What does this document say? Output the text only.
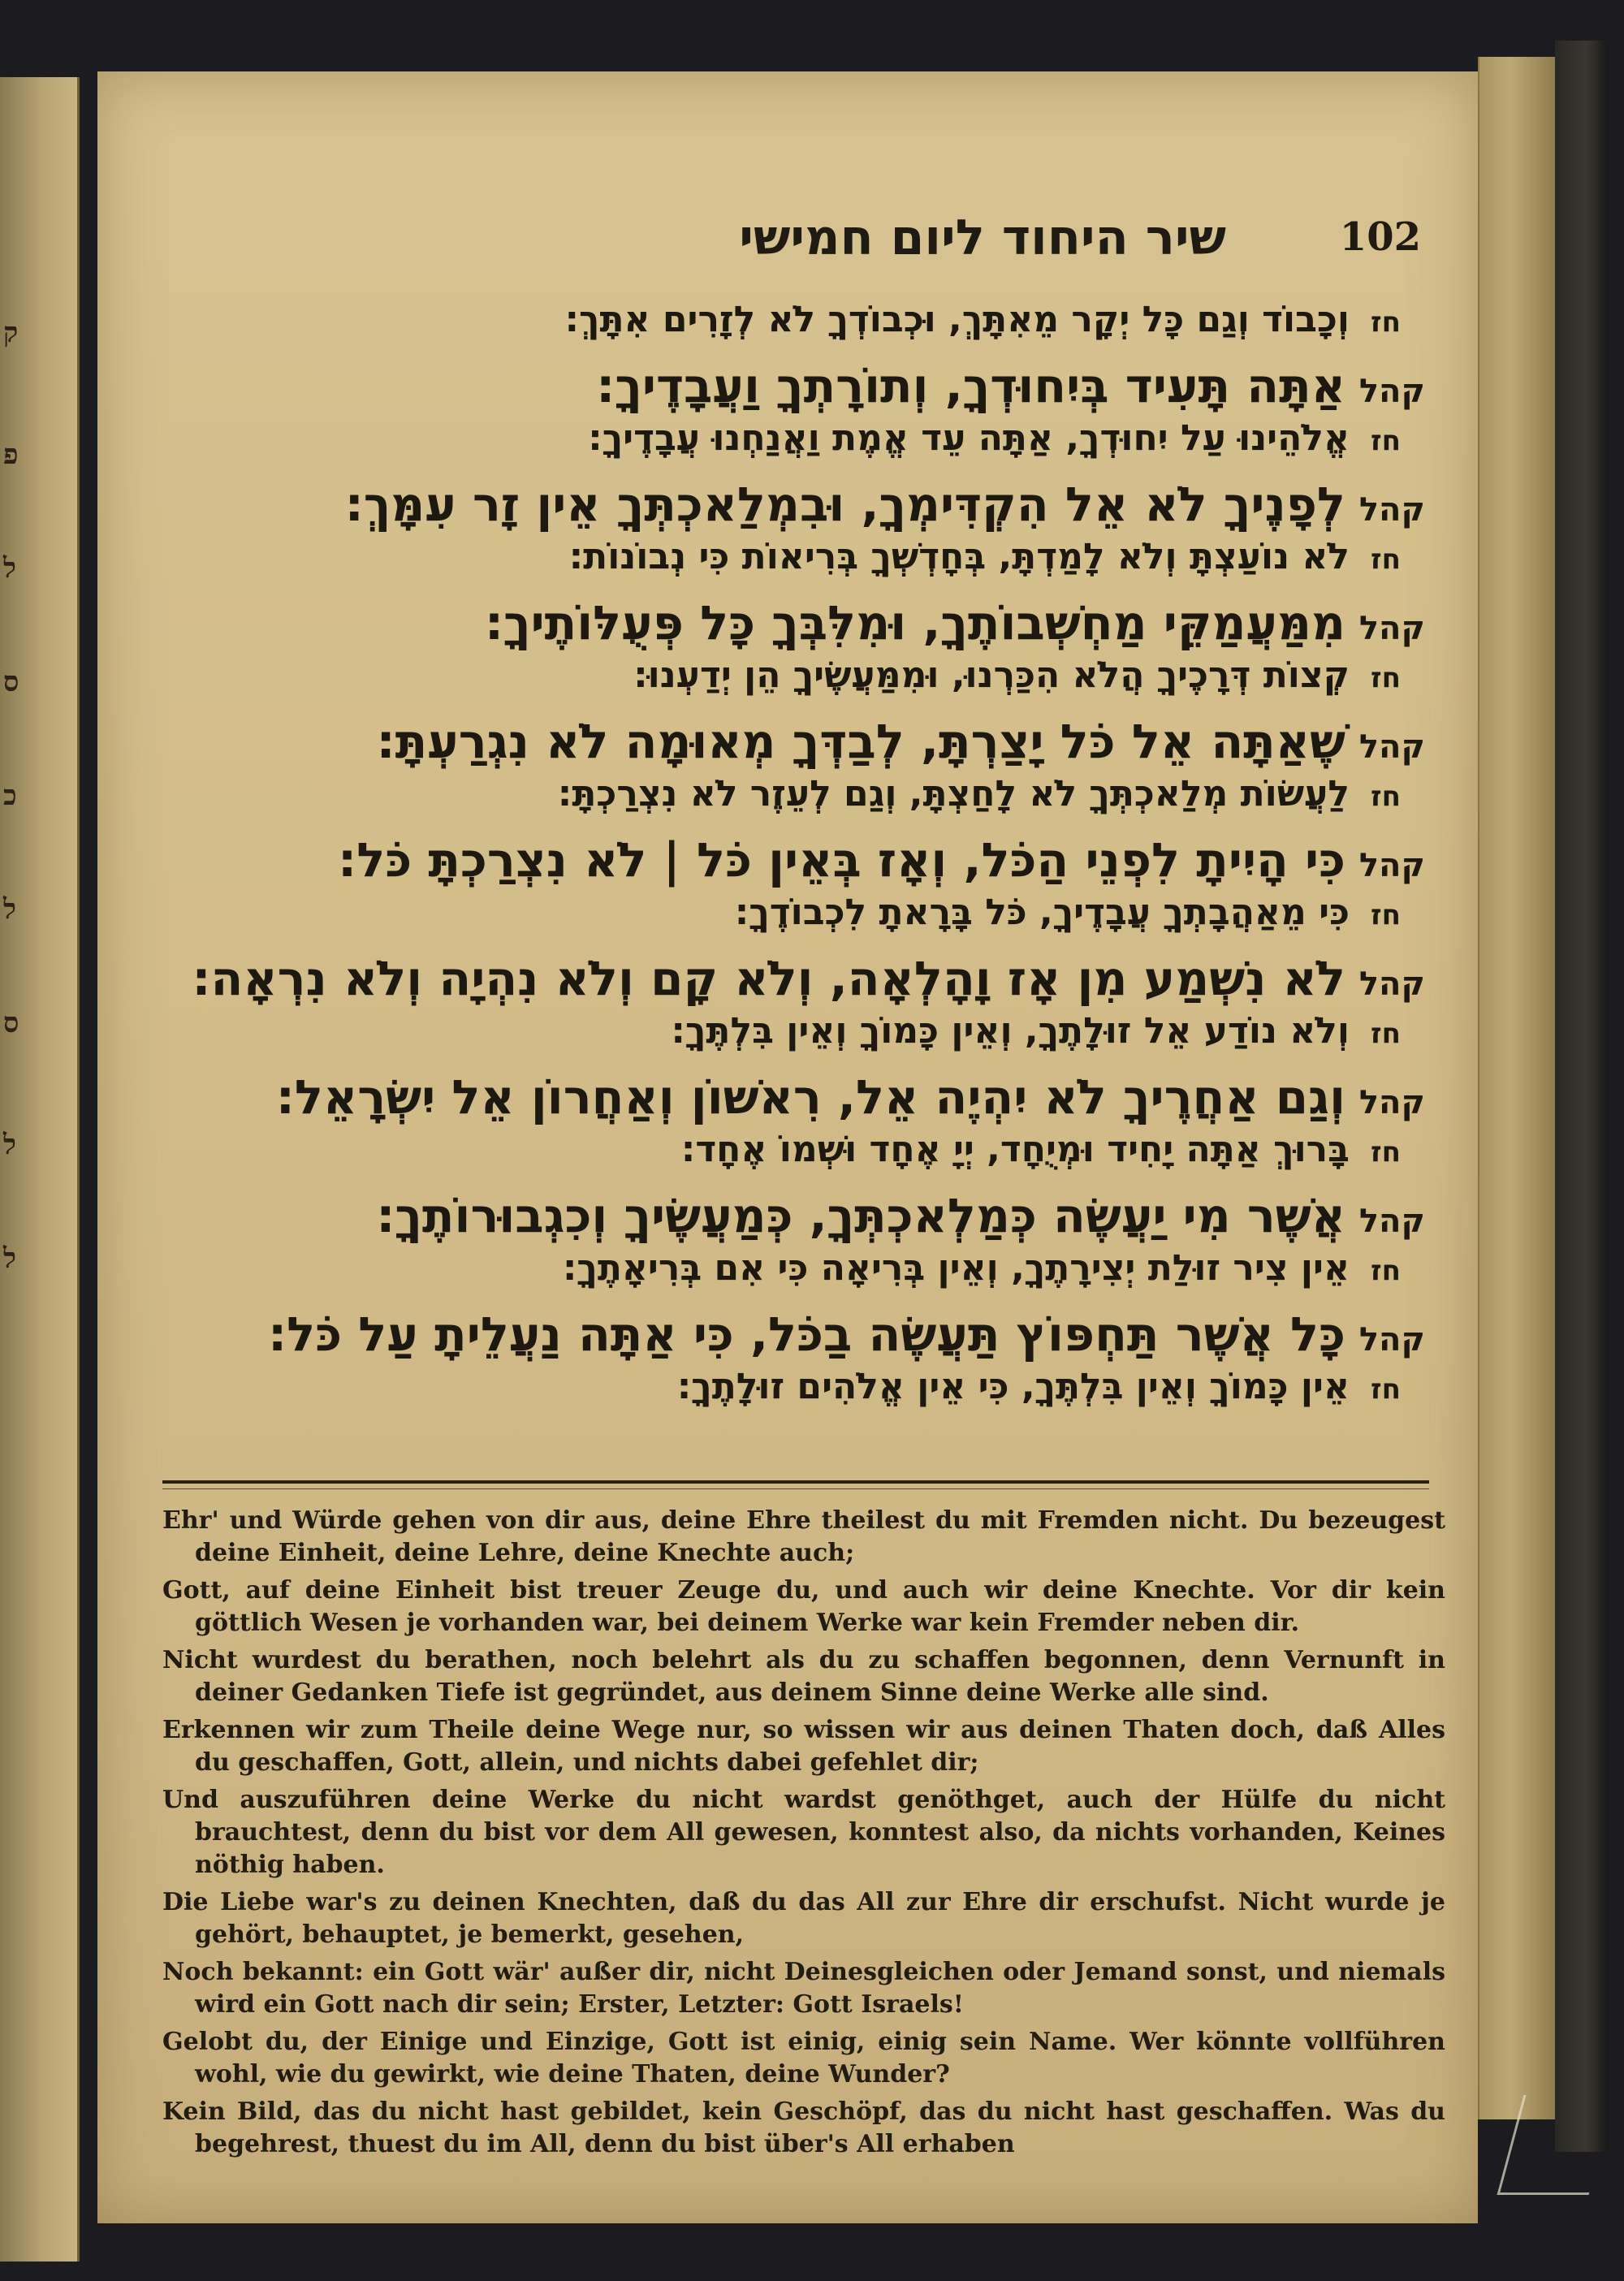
ק
פ
ל
ס
כ
ל
ס
ל
ל
שיר היחוד ליום חמישי	102
חזוְכָבוֹד וְגַם כָּל יְקָר מֵאִתָּךְ, וּכְבוֹדְךָ לֹא לְזָרִים אִתָּךְ:
קהלאַתָּה תָּעִיד בְּיִחוּדְךָ, וְתוֹרָתְךָ וַעֲבָדֶיךָ:
חזאֱלֹהֵינוּ עַל יִחוּדְךָ, אַתָּה עֵד אֱמֶת וַאֲנַחְנוּ עֲבָדֶיךָ:
קהללְפָנֶיךָ לֹא אֵל הִקְדִּימְךָ, וּבִמְלַאכְתְּךָ אֵין זָר עִמָּךְ:
חזלֹא נוֹעַצְתָּ וְלֹא לָמַדְתָּ, בְּחָדְשְׁךָ בְּרִיאוֹת כִּי נְבוֹנוֹת:
קהלמִמַּעֲמַקֵּי מַחְשְׁבוֹתֶךָ, וּמִלִּבְּךָ כָּל פְּעֻלּוֹתֶיךָ:
חזקְצוֹת דְּרָכֶיךָ הֲלֹא הִכַּרְנוּ, וּמִמַּעֲשֶׂיךָ הֵן יְדַעְנוּ:
קהלשֶׁאַתָּה אֵל כֹּל יָצַרְתָּ, לְבַדְּךָ מְאוּמָה לֹא נִגְרַעְתָּ:
חזלַעֲשׂוֹת מְלַאכְתְּךָ לֹא לָחַצְתָּ, וְגַם לְעֵזֶר לֹא נִצְרַכְתָּ:
קהלכִּי הָיִיתָ לִפְנֵי הַכֹּל, וְאָז בְּאֵין כֹּל | לֹא נִצְרַכְתָּ כֹּל:
חזכִּי מֵאַהֲבָתְךָ עֲבָדֶיךָ, כֹּל בָּרָאתָ לִכְבוֹדֶךָ:
קהללֹא נִשְׁמַע מִן אָז וָהָלְאָה, וְלֹא קָם וְלֹא נִהְיָה וְלֹא נִרְאָה:
חזוְלֹא נוֹדַע אֵל זוּלָתֶךָ, וְאֵין כָּמוֹךָ וְאֵין בִּלְתֶּךָ:
קהלוְגַם אַחֲרֶיךָ לֹא יִהְיֶה אֵל, רִאשׁוֹן וְאַחֲרוֹן אֵל יִשְׂרָאֵל:
חזבָּרוּךְ אַתָּה יָחִיד וּמְיֻחָד, יְיָ אֶחָד וּשְׁמוֹ אֶחָד:
קהלאֲשֶׁר מִי יַעֲשֶׂה כְּמַלְאכְתְּךָ, כְּמַעֲשֶׂיךָ וְכִגְבוּרוֹתֶךָ:
חזאֵין צִיר זוּלַת יְצִירָתֶךָ, וְאֵין בְּרִיאָה כִּי אִם בְּרִיאָתֶךָ:
קהלכָּל אֲשֶׁר תַּחְפּוֹץ תַּעֲשֶׂה בַכֹּל, כִּי אַתָּה נַעֲלֵיתָ עַל כֹּל:
חזאֵין כָּמוֹךָ וְאֵין בִּלְתֶּךָ, כִּי אֵין אֱלֹהִים זוּלָתֶךָ:

Ehr' und Würde gehen von dir aus, deine Ehre theilest du mit Fremden nicht. Du bezeugest deine Einheit, deine Lehre, deine Knechte auch;

Gott, auf deine Einheit bist treuer Zeuge du, und auch wir deine Knechte. Vor dir kein göttlich Wesen je vorhanden war, bei deinem Werke war kein Fremder neben dir.

Nicht wurdest du berathen, noch belehrt als du zu schaffen begonnen, denn Vernunft in deiner Gedanken Tiefe ist gegründet, aus deinem Sinne deine Werke alle sind.

Erkennen wir zum Theile deine Wege nur, so wissen wir aus deinen Thaten doch, daß Alles du geschaffen, Gott, allein, und nichts dabei gefehlet dir;

Und auszuführen deine Werke du nicht wardst genöthget, auch der Hülfe du nicht brauchtest, denn du bist vor dem All gewesen, konntest also, da nichts vorhanden, Keines nöthig haben.

Die Liebe war's zu deinen Knechten, daß du das All zur Ehre dir erschufst. Nicht wurde je gehört, behauptet, je bemerkt, gesehen,

Noch bekannt: ein Gott wär' außer dir, nicht Deinesgleichen oder Jemand sonst, und niemals wird ein Gott nach dir sein; Erster, Letzter: Gott Israels!

Gelobt du, der Einige und Einzige, Gott ist einig, einig sein Name. Wer könnte vollführen wohl, wie du gewirkt, wie deine Thaten, deine Wunder?

Kein Bild, das du nicht hast gebildet, kein Geschöpf, das du nicht hast geschaffen. Was du begehrest, thuest du im All, denn du bist über's All erhaben
